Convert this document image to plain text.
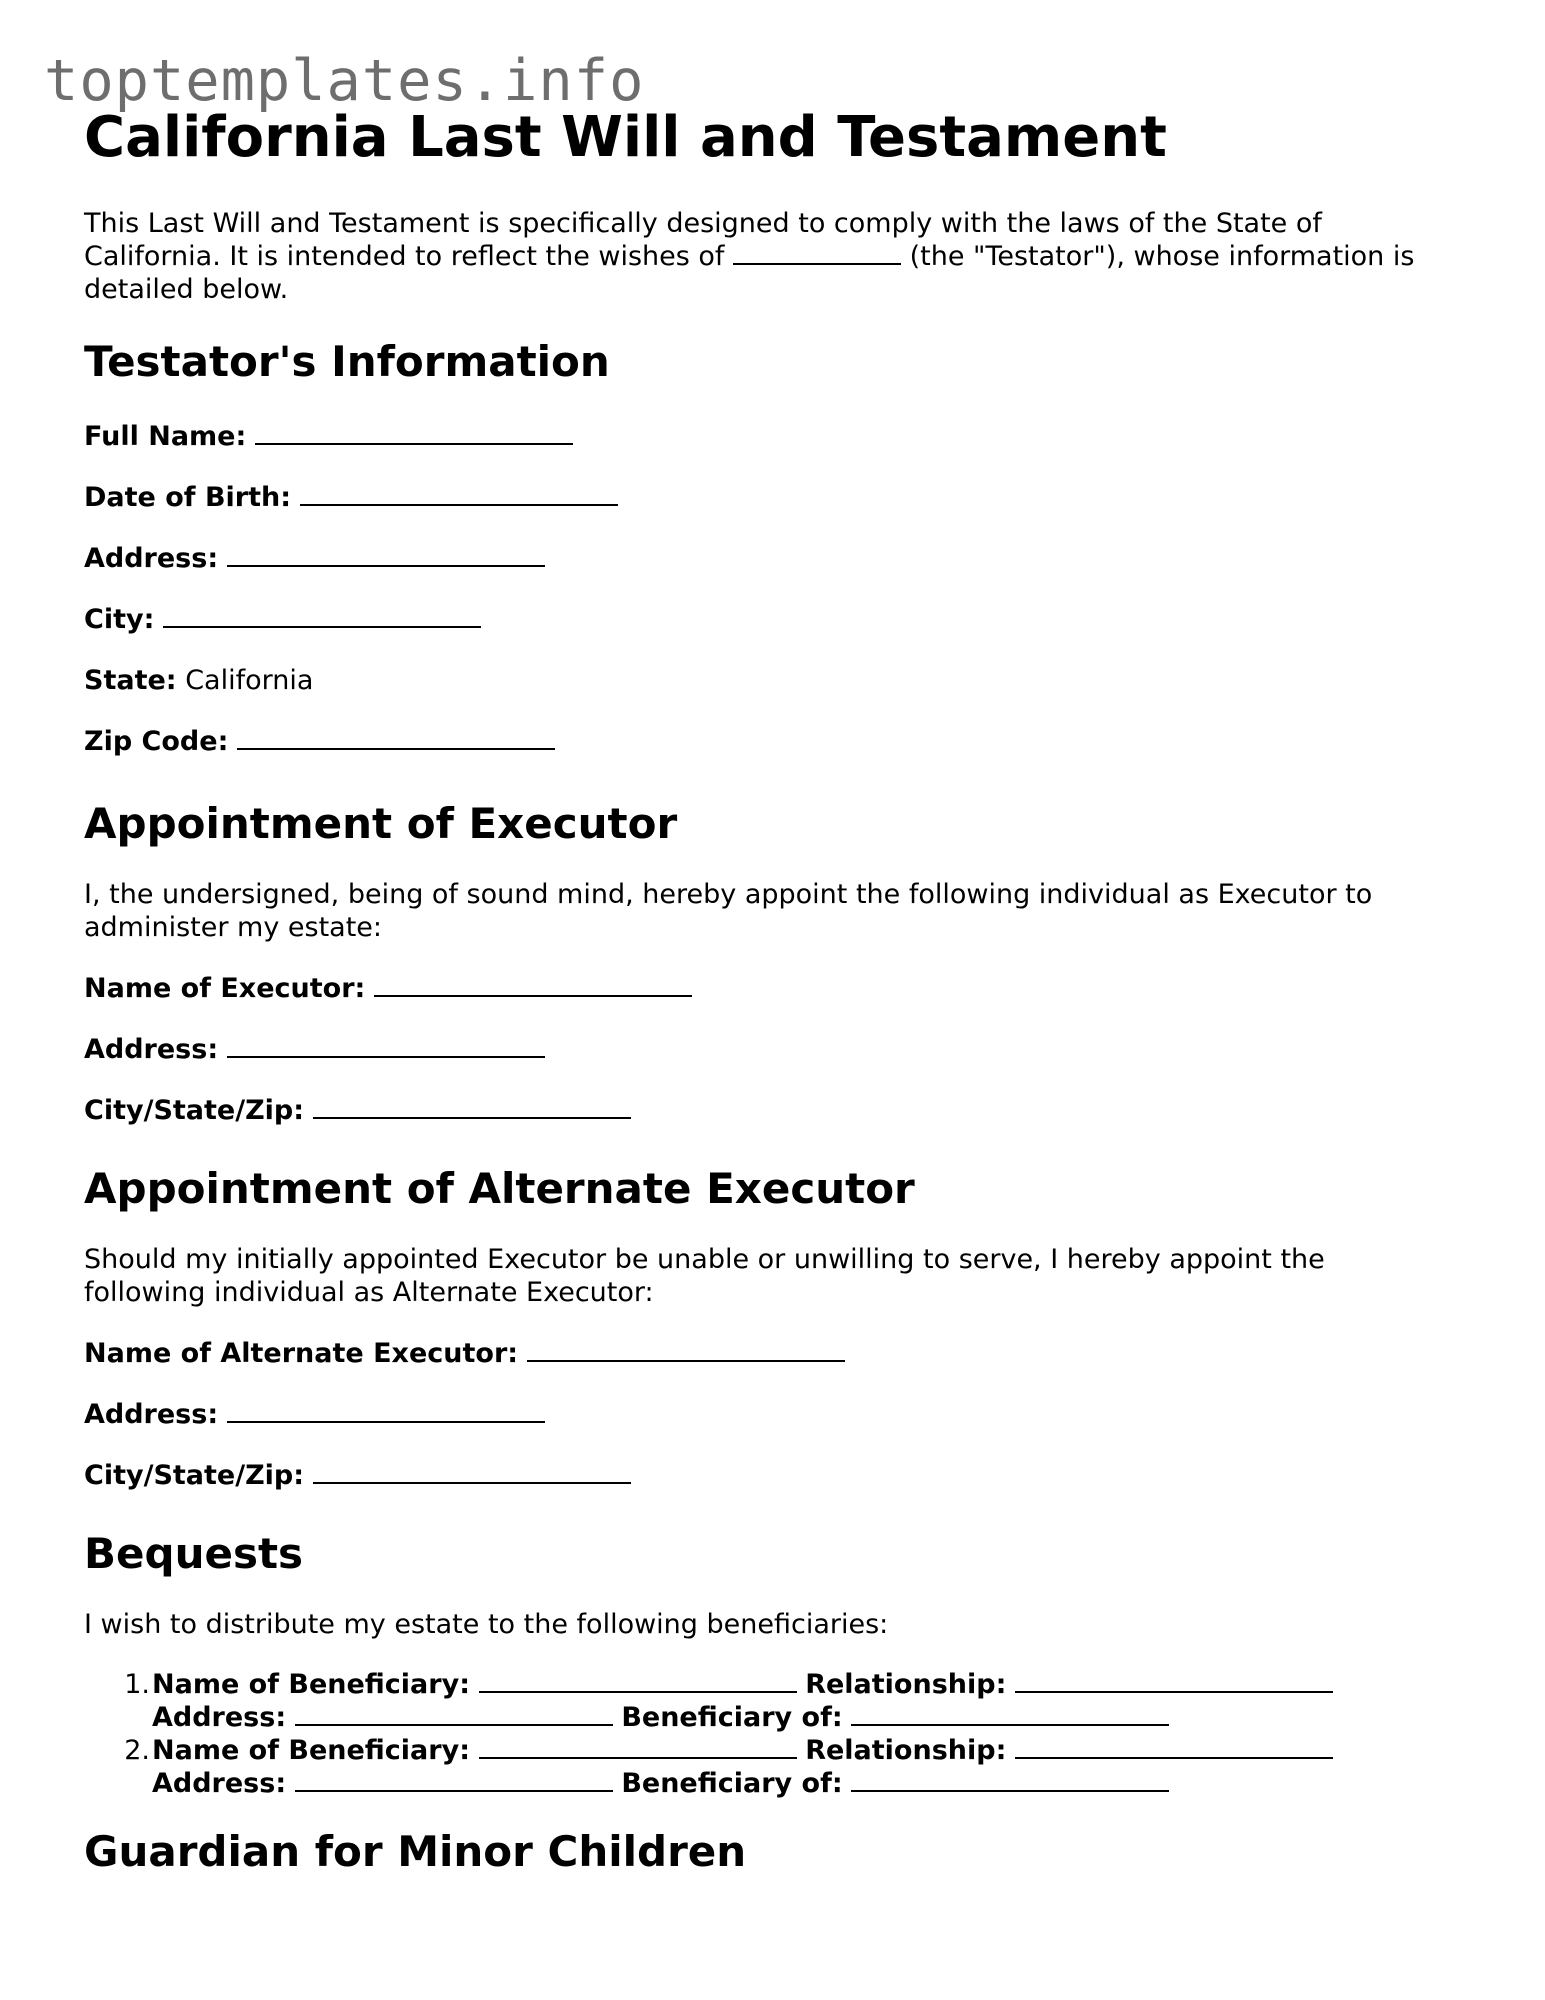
toptemplates.info
California Last Will and Testament

This Last Will and Testament is specifically designed to comply with the laws of the State of California. It is intended to reflect the wishes of	(the "Testator"), whose information is detailed below.

Testator's Information
Full Name:
Date of Birth:
Address:
City:
State: California
Zip Code:
Appointment of Executor

I, the undersigned, being of sound mind, hereby appoint the following individual as Executor to administer my estate:

Name of Executor:
Address:
City/State/Zip:
Appointment of Alternate Executor

Should my initially appointed Executor be unable or unwilling to serve, I hereby appoint the following individual as Alternate Executor:

Name of Alternate Executor:
Address:
City/State/Zip:
Bequests

I wish to distribute my estate to the following beneficiaries:

1. Name of Beneficiary:	Relationship:
Address:	Beneficiary of:
2. Name of Beneficiary:	Relationship:
Address:	Beneficiary of:
Guardian for Minor Children
